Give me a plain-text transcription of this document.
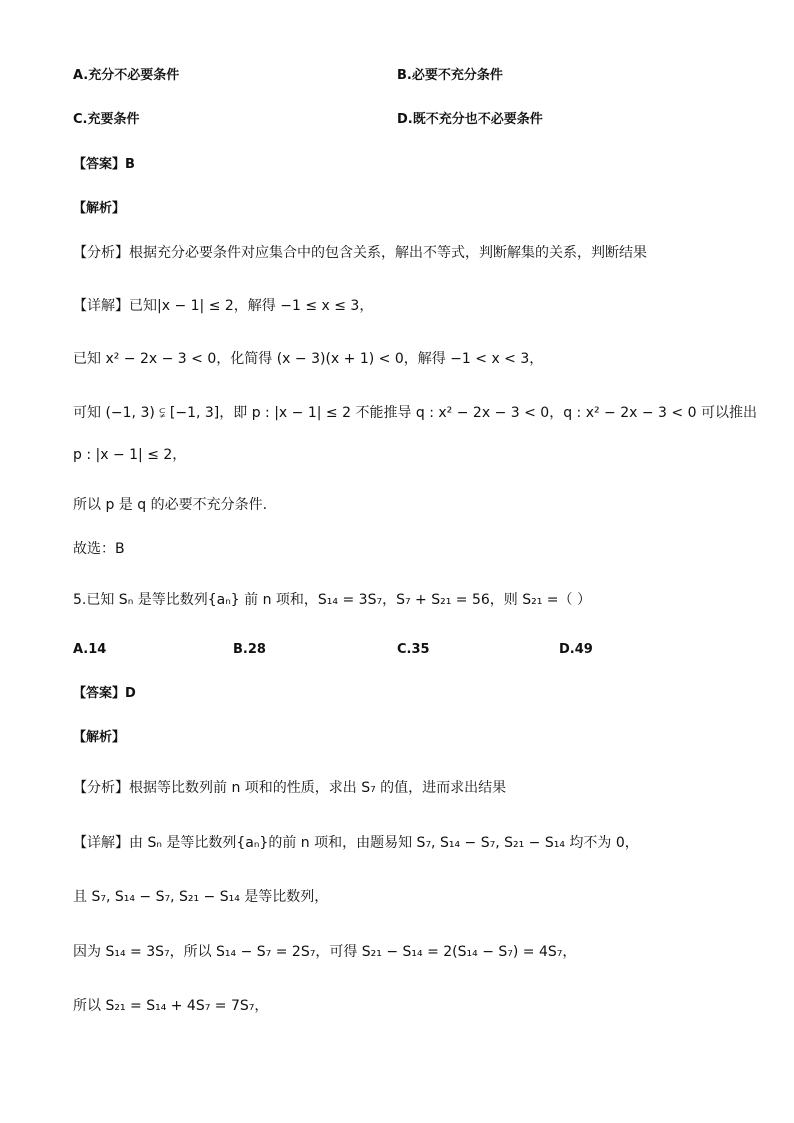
A.充分不必要条件	B.必要不充分条件
C.充要条件	D.既不充分也不必要条件
【答案】B
【解析】
【分析】根据充分必要条件对应集合中的包含关系，解出不等式，判断解集的关系，判断结果
【详解】已知|x − 1| ≤ 2，解得 −1 ≤ x ≤ 3，
已知 x² − 2x − 3 < 0，化简得 (x − 3)(x + 1) < 0，解得 −1 < x < 3，
可知 (−1, 3) ⫋ [−1, 3]，即 p : |x − 1| ≤ 2 不能推导 q : x² − 2x − 3 < 0，q : x² − 2x − 3 < 0 可以推出
p : |x − 1| ≤ 2，
所以 p 是 q 的必要不充分条件.
故选：B
5.已知 Sₙ 是等比数列{aₙ} 前 n 项和，S₁₄ = 3S₇，S₇ + S₂₁ = 56，则 S₂₁ =（ ）
A.14	B.28	C.35	D.49
【答案】D
【解析】
【分析】根据等比数列前 n 项和的性质，求出 S₇ 的值，进而求出结果
【详解】由 Sₙ 是等比数列{aₙ}的前 n 项和，由题易知 S₇, S₁₄ − S₇, S₂₁ − S₁₄ 均不为 0，
且 S₇, S₁₄ − S₇, S₂₁ − S₁₄ 是等比数列，
因为 S₁₄ = 3S₇，所以 S₁₄ − S₇ = 2S₇，可得 S₂₁ − S₁₄ = 2(S₁₄ − S₇) = 4S₇，
所以 S₂₁ = S₁₄ + 4S₇ = 7S₇，
